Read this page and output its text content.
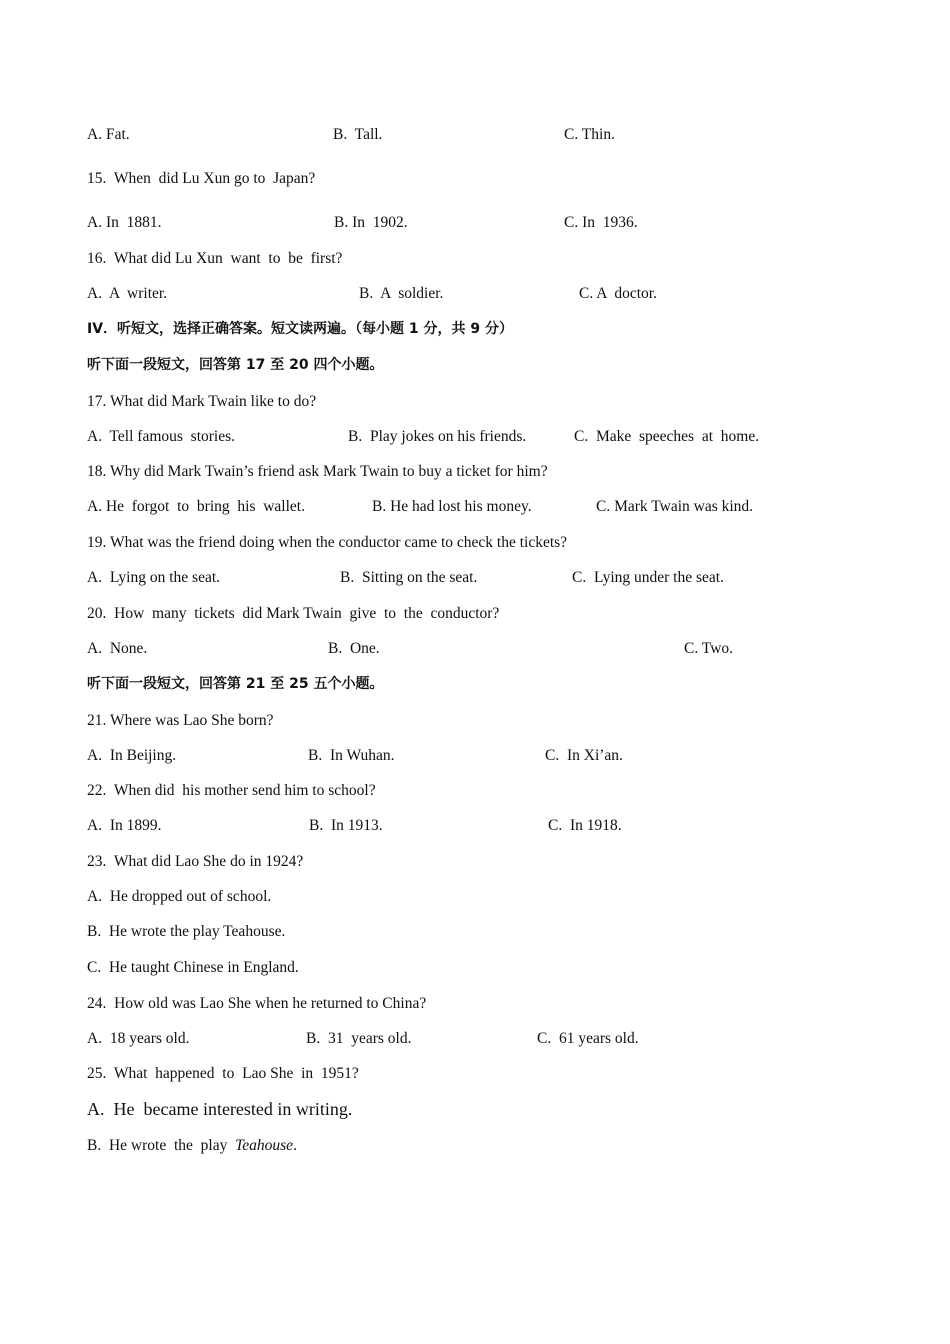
A. Fat.	B.  Tall.	C. Thin.
15.  When  did Lu Xun go to  Japan?
A. In  1881.	B. In  1902.	C. In  1936.
16.  What did Lu Xun  want  to  be  first?
A.  A  writer.	B.  A  soldier.	C. A  doctor.
IV．听短文，选择正确答案。短文读两遍。（每小题 1 分，共 9 分）
听下面一段短文，回答第 17 至 20 四个小题。
17. What did Mark Twain like to do?
A.  Tell famous  stories.	B.  Play jokes on his friends.	C.  Make  speeches  at  home.
18. Why did Mark Twain’s friend ask Mark Twain to buy a ticket for him?
A. He  forgot  to  bring  his  wallet.	B. He had lost his money.	C. Mark Twain was kind.
19. What was the friend doing when the conductor came to check the tickets?
A.  Lying on the seat.	B.  Sitting on the seat.	C.  Lying under the seat.
20.  How  many  tickets  did Mark Twain  give  to  the  conductor?
A.  None.	B.  One.	C. Two.
听下面一段短文，回答第 21 至 25 五个小题。
21. Where was Lao She born?
A.  In Beijing.	B.  In Wuhan.	C.  In Xi’an.
22.  When did  his mother send him to school?
A.  In 1899.	B.  In 1913.	C.  In 1918.
23.  What did Lao She do in 1924?
A.  He dropped out of school.
B.  He wrote the play Teahouse.
C.  He taught Chinese in England.
24.  How old was Lao She when he returned to China?
A.  18 years old.	B.  31  years old.	C.  61 years old.
25.  What  happened  to  Lao She  in  1951?
A.  He  became interested in writing.
B.  He wrote  the  play  Teahouse.
